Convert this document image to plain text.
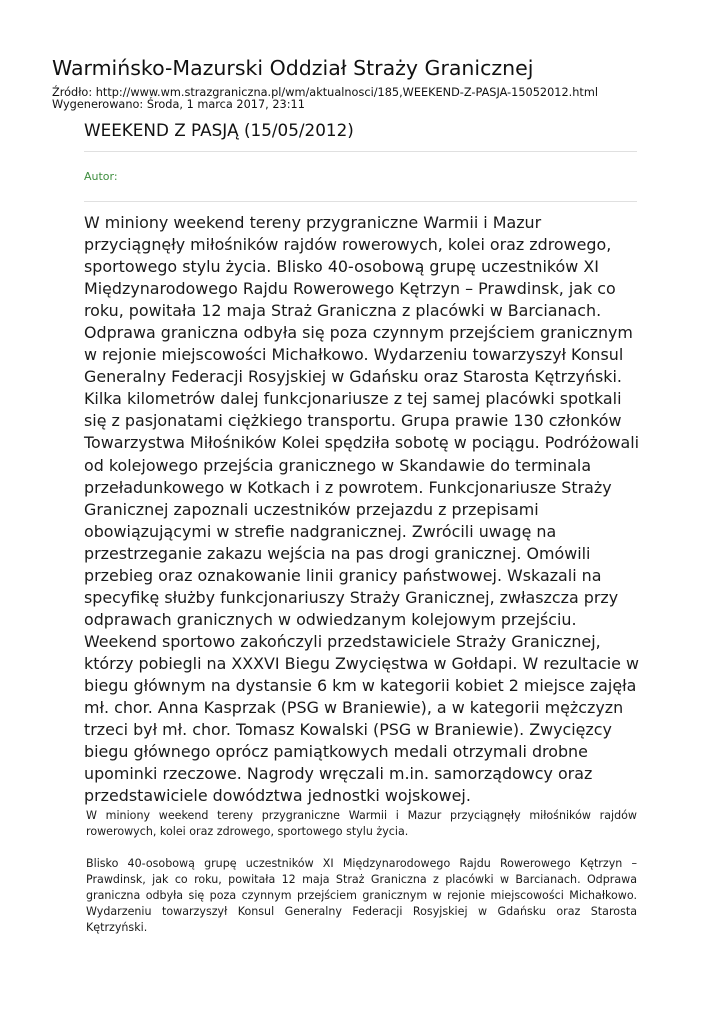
Warmińsko-Mazurski Oddział Straży Granicznej
Źródło: http://www.wm.strazgraniczna.pl/wm/aktualnosci/185,WEEKEND-Z-PASJA-15052012.html
Wygenerowano: Środa, 1 marca 2017, 23:11
WEEKEND Z PASJĄ (15/05/2012)
Autor:

W miniony weekend tereny przygraniczne Warmii i Mazur przyciągnęły miłośników rajdów rowerowych, kolei oraz zdrowego, sportowego stylu życia. Blisko 40-osobową grupę uczestników XI Międzynarodowego Rajdu Rowerowego Kętrzyn – Prawdinsk, jak co roku, powitała 12 maja Straż Graniczna z placówki w Barcianach. Odprawa graniczna odbyła się poza czynnym przejściem granicznym w rejonie miejscowości Michałkowo. Wydarzeniu towarzyszył Konsul Generalny Federacji Rosyjskiej w Gdańsku oraz Starosta Kętrzyński. Kilka kilometrów dalej funkcjonariusze z tej samej placówki spotkali się z pasjonatami ciężkiego transportu. Grupa prawie 130 członków Towarzystwa Miłośników Kolei spędziła sobotę w pociągu. Podróżowali od kolejowego przejścia granicznego w Skandawie do terminala przeładunkowego w Kotkach i z powrotem. Funkcjonariusze Straży Granicznej zapoznali uczestników przejazdu z przepisami obowiązującymi w strefie nadgranicznej. Zwrócili uwagę na przestrzeganie zakazu wejścia na pas drogi granicznej. Omówili przebieg oraz oznakowanie linii granicy państwowej. Wskazali na specyfikę służby funkcjonariuszy Straży Granicznej, zwłaszcza przy odprawach granicznych w odwiedzanym kolejowym przejściu. Weekend sportowo zakończyli przedstawiciele Straży Granicznej, którzy pobiegli na XXXVI Biegu Zwycięstwa w Gołdapi. W rezultacie w biegu głównym na dystansie 6 km w kategorii kobiet 2 miejsce zajęła mł. chor. Anna Kasprzak (PSG w Braniewie), a w kategorii mężczyzn trzeci był mł. chor. Tomasz Kowalski (PSG w Braniewie). Zwycięzcy biegu głównego oprócz pamiątkowych medali otrzymali drobne upominki rzeczowe. Nagrody wręczali m.in. samorządowcy oraz przedstawiciele dowództwa jednostki wojskowej.

W miniony weekend tereny przygraniczne Warmii i Mazur przyciągnęły miłośników rajdów rowerowych, kolei oraz zdrowego, sportowego stylu życia.

Blisko 40-osobową grupę uczestników XI Międzynarodowego Rajdu Rowerowego Kętrzyn – Prawdinsk, jak co roku, powitała 12 maja Straż Graniczna z placówki w Barcianach. Odprawa graniczna odbyła się poza czynnym przejściem granicznym w rejonie miejscowości Michałkowo. Wydarzeniu towarzyszył Konsul Generalny Federacji Rosyjskiej w Gdańsku oraz Starosta Kętrzyński.
